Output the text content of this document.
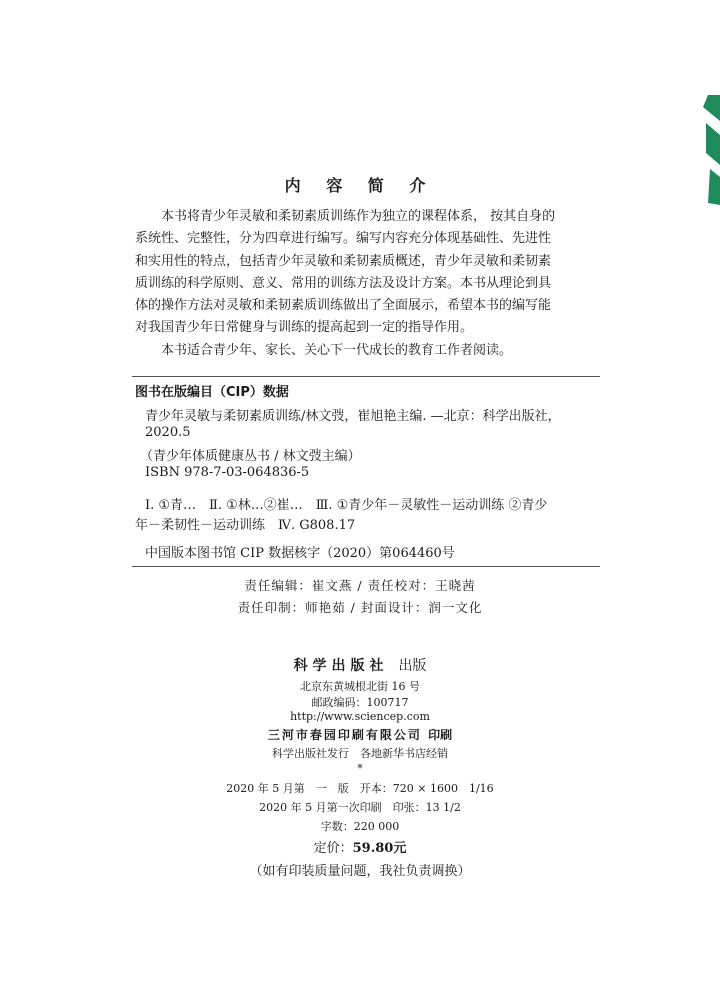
内 容 简 介
　　本书将青少年灵敏和柔韧素质训练作为独立的课程体系， 按其自身的
系统性、完整性，分为四章进行编写。编写内容充分体现基础性、先进性
和实用性的特点，包括青少年灵敏和柔韧素质概述，青少年灵敏和柔韧素
质训练的科学原则、意义、常用的训练方法及设计方案。本书从理论到具
体的操作方法对灵敏和柔韧素质训练做出了全面展示，希望本书的编写能
对我国青少年日常健身与训练的提高起到一定的指导作用。
　　本书适合青少年、家长、关心下一代成长的教育工作者阅读。
图书在版编目（CIP）数据
青少年灵敏与柔韧素质训练/林文弢，崔旭艳主编. —北京：科学出版社，
2020.5
（青少年体质健康丛书 / 林文弢主编）
ISBN 978-7-03-064836-5
Ⅰ. ①青…　Ⅱ. ①林…②崔…　Ⅲ. ①青少年－灵敏性－运动训练 ②青少
年－柔韧性－运动训练　Ⅳ. G808.17
中国版本图书馆 CIP 数据核字（2020）第064460号
责任编辑：崔文燕 / 责任校对：王晓茜
责任印制：师艳茹 / 封面设计：润一文化
科学出版社 出版
北京东黄城根北街 16 号
邮政编码：100717
http://www.sciencep.com
三河市春园印刷有限公司 印刷
科学出版社发行　各地新华书店经销
*
2020 年 5 月第　一　版　开本：720 × 1600　1/16
2020 年 5 月第一次印刷　印张：13 1/2
字数：220 000
定价：59.80元
（如有印装质量问题，我社负责调换）
